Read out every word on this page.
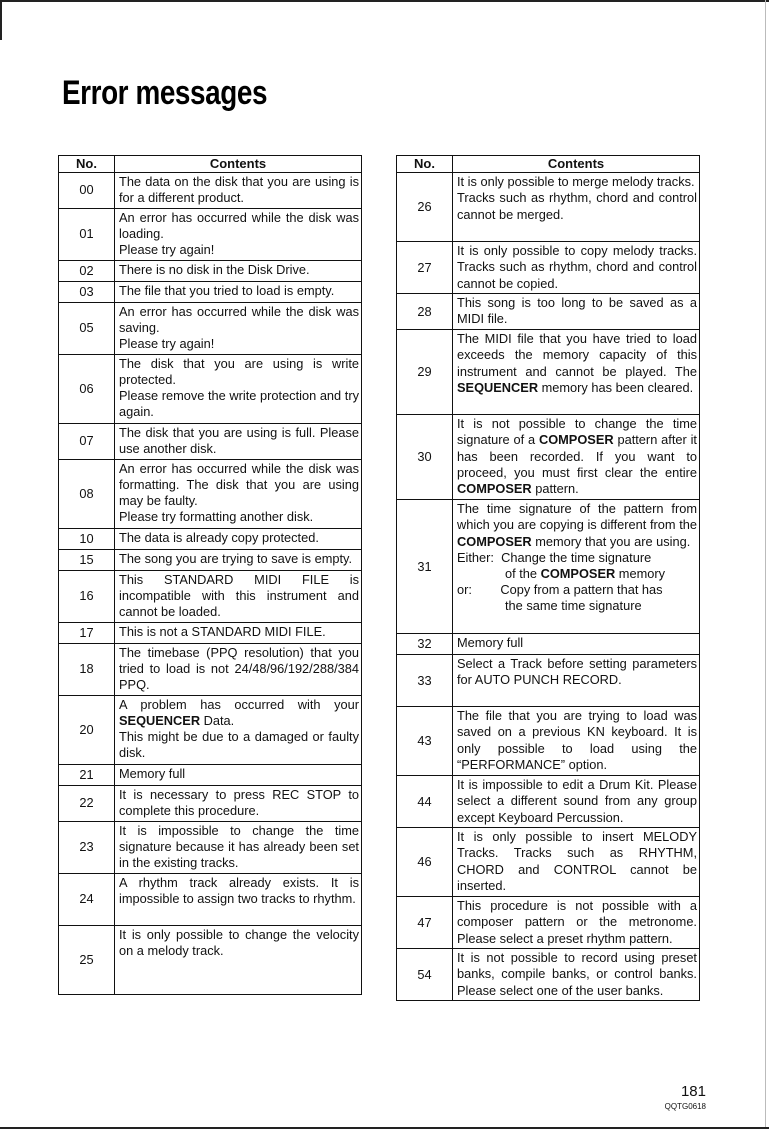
Error messages
No.	Contents
00	The data on the disk that you are using is for a different product.

01	An error has occurred while the disk was loading.
Please try again!

02	There is no disk in the Disk Drive.

03	The file that you tried to load is empty.

05	An error has occurred while the disk was saving.
Please try again!

06	The disk that you are using is write protected.
Please remove the write protection and try again.

07	The disk that you are using is full. Please use another disk.

08	An error has occurred while the disk was formatting. The disk that you are using may be faulty.
Please try formatting another disk.

10	The data is already copy protected.

15	The song you are trying to save is empty.

16	This STANDARD MIDI FILE is incompatible with this instrument and cannot be loaded.

17	This is not a STANDARD MIDI FILE.

18	The timebase (PPQ resolution) that you tried to load is not 24/48/96/192/288/384 PPQ.

20	A problem has occurred with your SEQUENCER Data.
This might be due to a damaged or faulty disk.

21	Memory full

22	It is necessary to press REC STOP to complete this procedure.

23	It is impossible to change the time signature because it has already been set in the existing tracks.

24	A rhythm track already exists. It is impossible to assign two tracks to rhythm.

25	It is only possible to change the velocity on a melody track.
No.	Contents
26	It is only possible to merge melody tracks.
Tracks such as rhythm, chord and control cannot be merged.

27	It is only possible to copy melody tracks. Tracks such as rhythm, chord and control cannot be copied.

28	This song is too long to be saved as a MIDI file.

29	The MIDI file that you have tried to load exceeds the memory capacity of this instrument and cannot be played. The SEQUENCER memory has been cleared.

30	It is not possible to change the time signature of a COMPOSER pattern after it has been recorded. If you want to proceed, you must first clear the entire COMPOSER pattern.

31	The time signature of the pattern from which you are copying is different from the COMPOSER memory that you are using.
Either:  Change the time signature
of the COMPOSER memory
or:        Copy from a pattern that has
the same time signature

32	Memory full

33	Select a Track before setting parameters for AUTO PUNCH RECORD.

43	The file that you are trying to load was saved on a previous KN keyboard. It is only possible to load using the “PERFORMANCE” option.

44	It is impossible to edit a Drum Kit. Please select a different sound from any group except Keyboard Percussion.

46	It is only possible to insert MELODY Tracks. Tracks such as RHYTHM, CHORD and CONTROL cannot be inserted.

47	This procedure is not possible with a composer pattern or the metronome. Please select a preset rhythm pattern.

54	It is not possible to record using preset banks, compile banks, or control banks. Please select one of the user banks.
181
QQTG0618
